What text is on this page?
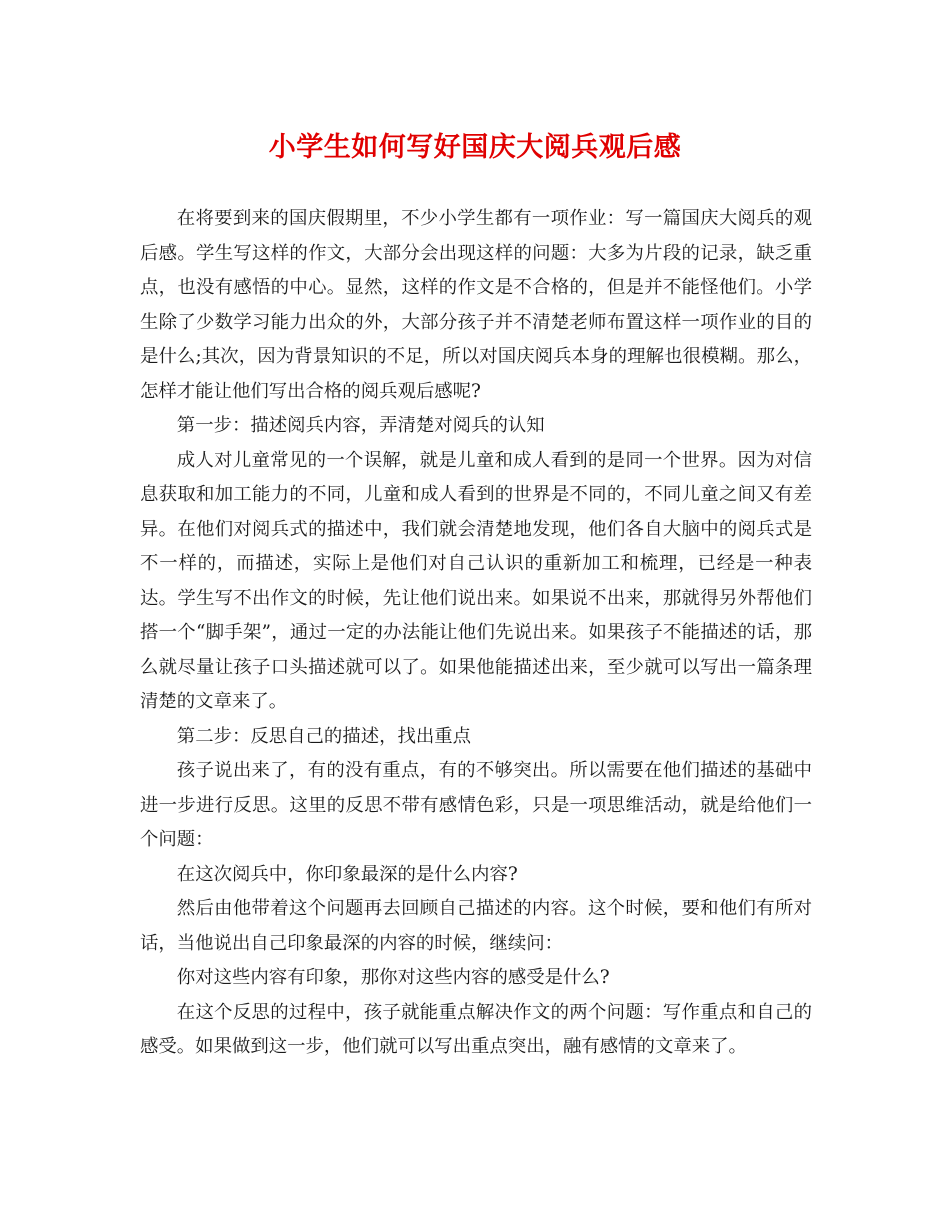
小学生如何写好国庆大阅兵观后感

在将要到来的国庆假期里，不少小学生都有一项作业：写一篇国庆大阅兵的观后感。学生写这样的作文，大部分会出现这样的问题：大多为片段的记录，缺乏重点，也没有感悟的中心。显然，这样的作文是不合格的，但是并不能怪他们。小学生除了少数学习能力出众的外，大部分孩子并不清楚老师布置这样一项作业的目的是什么;其次，因为背景知识的不足，所以对国庆阅兵本身的理解也很模糊。那么，怎样才能让他们写出合格的阅兵观后感呢?

第一步：描述阅兵内容，弄清楚对阅兵的认知

成人对儿童常见的一个误解，就是儿童和成人看到的是同一个世界。因为对信息获取和加工能力的不同，儿童和成人看到的世界是不同的，不同儿童之间又有差异。在他们对阅兵式的描述中，我们就会清楚地发现，他们各自大脑中的阅兵式是不一样的，而描述，实际上是他们对自己认识的重新加工和梳理，已经是一种表达。学生写不出作文的时候，先让他们说出来。如果说不出来，那就得另外帮他们搭一个“脚手架”，通过一定的办法能让他们先说出来。如果孩子不能描述的话，那么就尽量让孩子口头描述就可以了。如果他能描述出来，至少就可以写出一篇条理清楚的文章来了。

第二步：反思自己的描述，找出重点

孩子说出来了，有的没有重点，有的不够突出。所以需要在他们描述的基础中进一步进行反思。这里的反思不带有感情色彩，只是一项思维活动，就是给他们一个问题：

在这次阅兵中，你印象最深的是什么内容?

然后由他带着这个问题再去回顾自己描述的内容。这个时候，要和他们有所对话，当他说出自己印象最深的内容的时候，继续问：

你对这些内容有印象，那你对这些内容的感受是什么?

在这个反思的过程中，孩子就能重点解决作文的两个问题：写作重点和自己的感受。如果做到这一步，他们就可以写出重点突出，融有感情的文章来了。
